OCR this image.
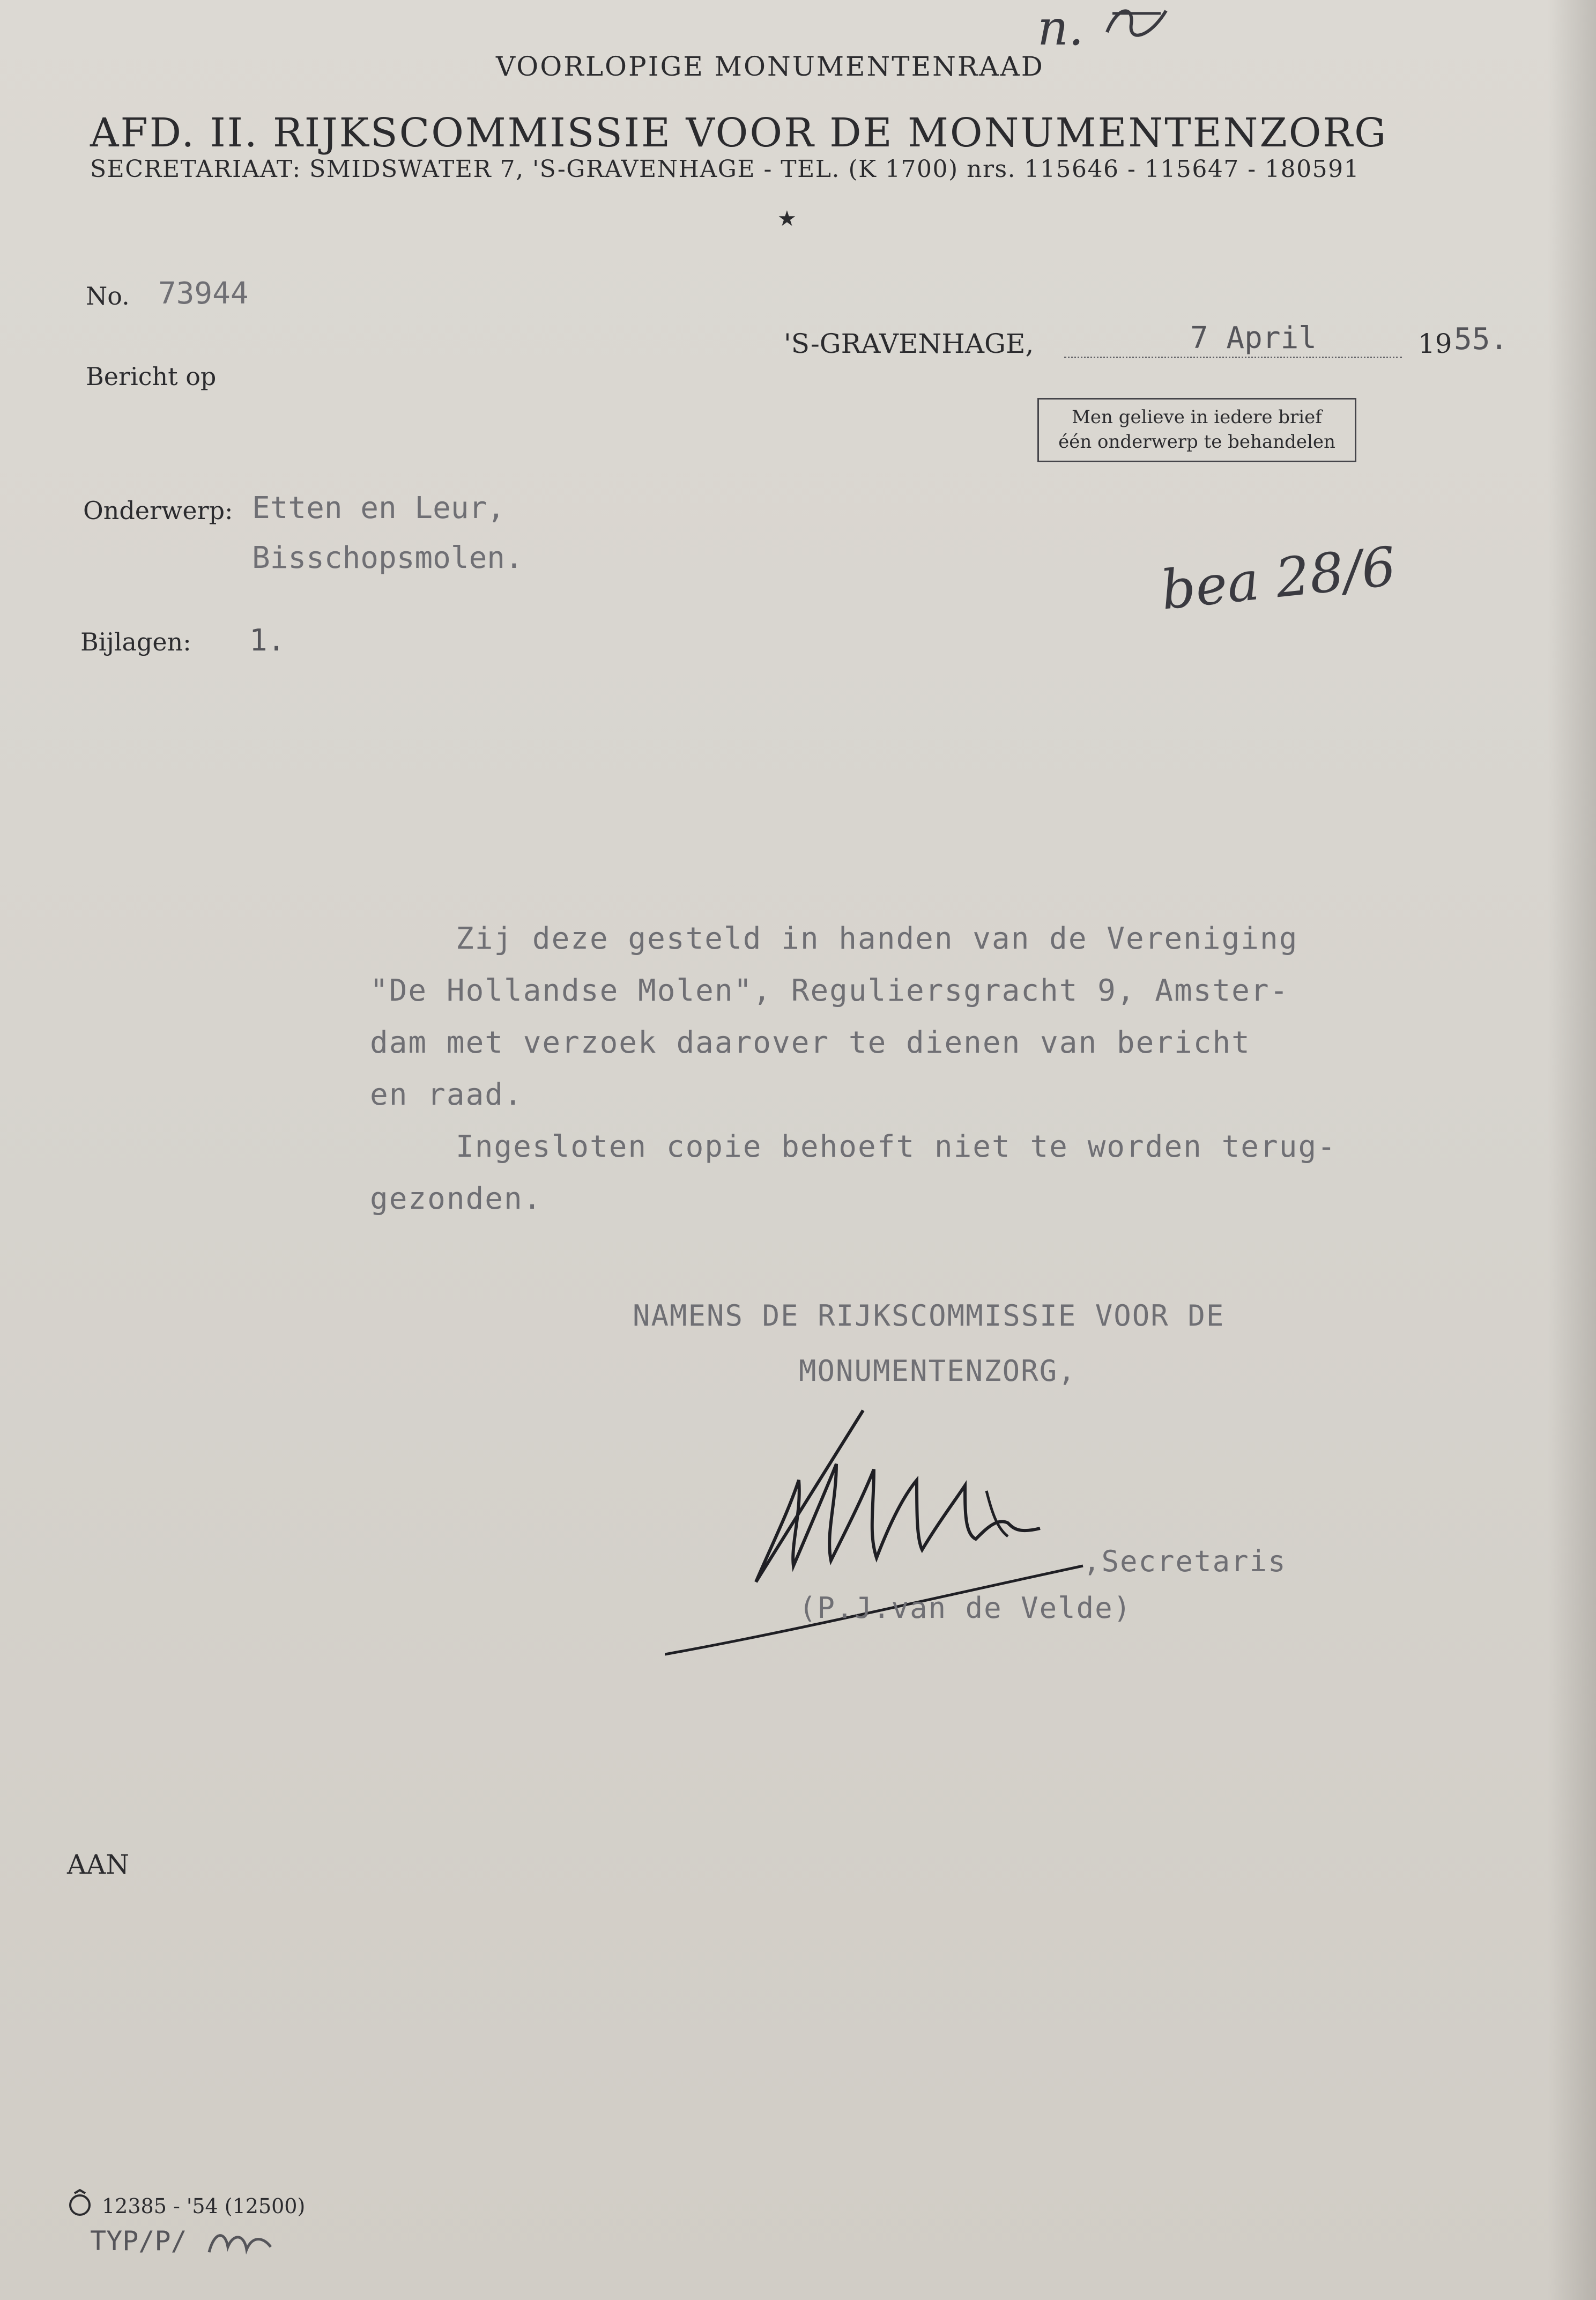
n.
VOORLOPIGE MONUMENTENRAAD
AFD. II. RIJKSCOMMISSIE VOOR DE MONUMENTENZORG
SECRETARIAAT: SMIDSWATER 7, 'S-GRAVENHAGE - TEL. (K 1700) nrs. 115646 - 115647 - 180591
★
No. 73944
Bericht op
'S-GRAVENHAGE,	7 April	19 55.
Men gelieve in iedere brief
één onderwerp te behandelen
Onderwerp: Etten en Leur,
Bisschopsmolen.	bea 28/6
Bijlagen: 1.
Zij deze gesteld in handen van de Vereniging
"De Hollandse Molen", Reguliersgracht 9, Amster-
dam met verzoek daarover te dienen van bericht
en raad.
Ingesloten copie behoeft niet te worden terug-
gezonden.
NAMENS DE RIJKSCOMMISSIE VOOR DE
MONUMENTENZORG,
,Secretaris
(P.J.van de Velde)
AAN
12385 - '54 (12500)
TYP/P/
